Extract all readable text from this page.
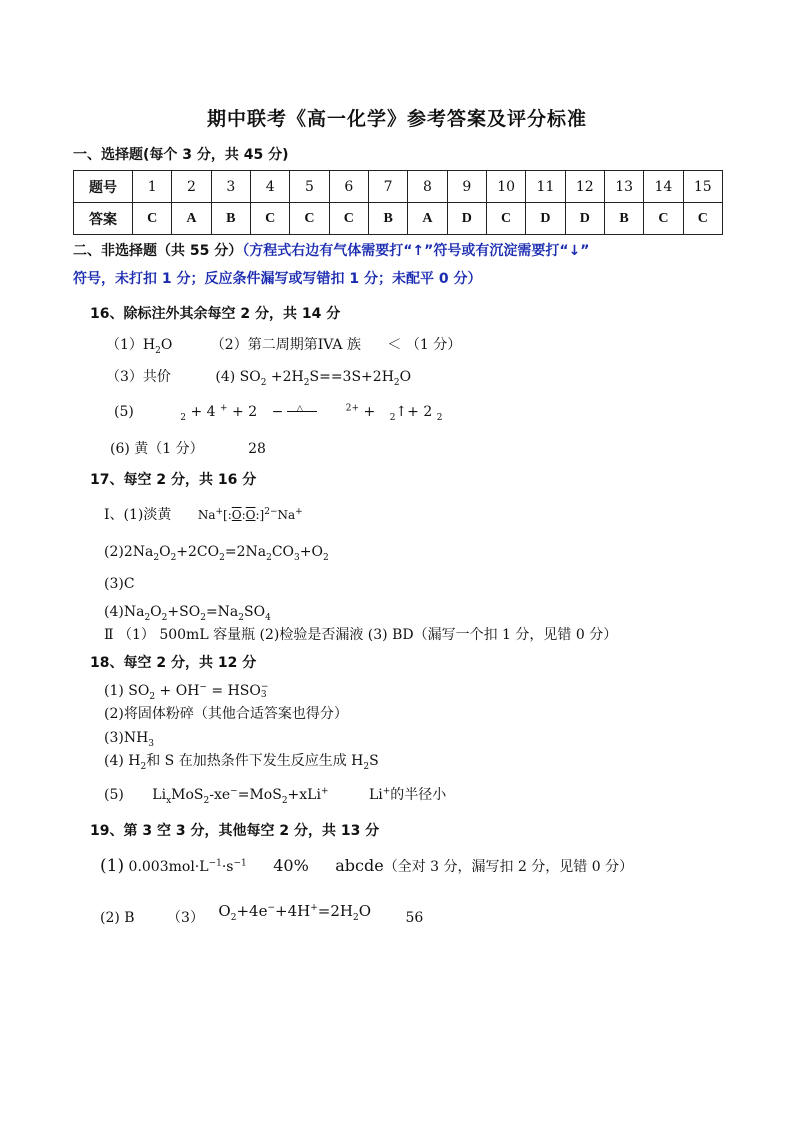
期中联考《高一化学》参考答案及评分标准
一、选择题(每个 3 分，共 45 分)
题号	1	2	3	4	5	6	7	8	9	10	11	12	13	14	15
答案	C	A	B	C	C	C	B	A	D	C	D	D	B	C	C
二、非选择题（共 55 分）（方程式右边有气体需要打“↑”符号或有沉淀需要打“↓”
符号，未打扣 1 分；反应条件漏写或写错扣 1 分；未配平 0 分）
16、除标注外其余每空 2 分，共 14 分
$(1)H_2O$	（2）第二周期第IVA 族 ＜ （1 分）
（3）共价	(4) $SO_2 +2H_2S==3S+2H_2O$
(5)	$_2$ + 4 + + 2 − △	$^{2+}$ + $_2$↑+ 2 $_2$
(6) 黄（1 分）	28
17、每空 2 分，共 16 分
Ⅰ、(1)淡黄 Na+[:O:O:]$^{2-}$Na+
$(2)2Na_2O_2+2CO_2=2Na_2CO_3+O_2$
(3)C
$(4)Na_2O_2+SO_2=Na_2SO_4$
Ⅱ （1） 500mL 容量瓶 (2)检验是否漏液 (3) BD（漏写一个扣 1 分，见错 0 分）
18、每空 2 分，共 12 分
(1) $SO_2 + OH^-$ = HSO −
3
(2)将固体粉碎（其他合适答案也得分）
$(3)NH_3$
(4) $H_2$和 S 在加热条件下发生反应生成 $H_2S$
(5) $Li_xMoS_2-xe^-=MoS_2+xLi^+$	Li+的半径小
19、第 3 空 3 分，其他每空 2 分，共 13 分
(1) $0.003mol\cdot L^{-1}\cdot s^{-1}$ 40% abcde（全对 3 分，漏写扣 2 分，见错 0 分）
(2) B （3） $O_2+4e^-+4H^+=2H_2O$ 56
